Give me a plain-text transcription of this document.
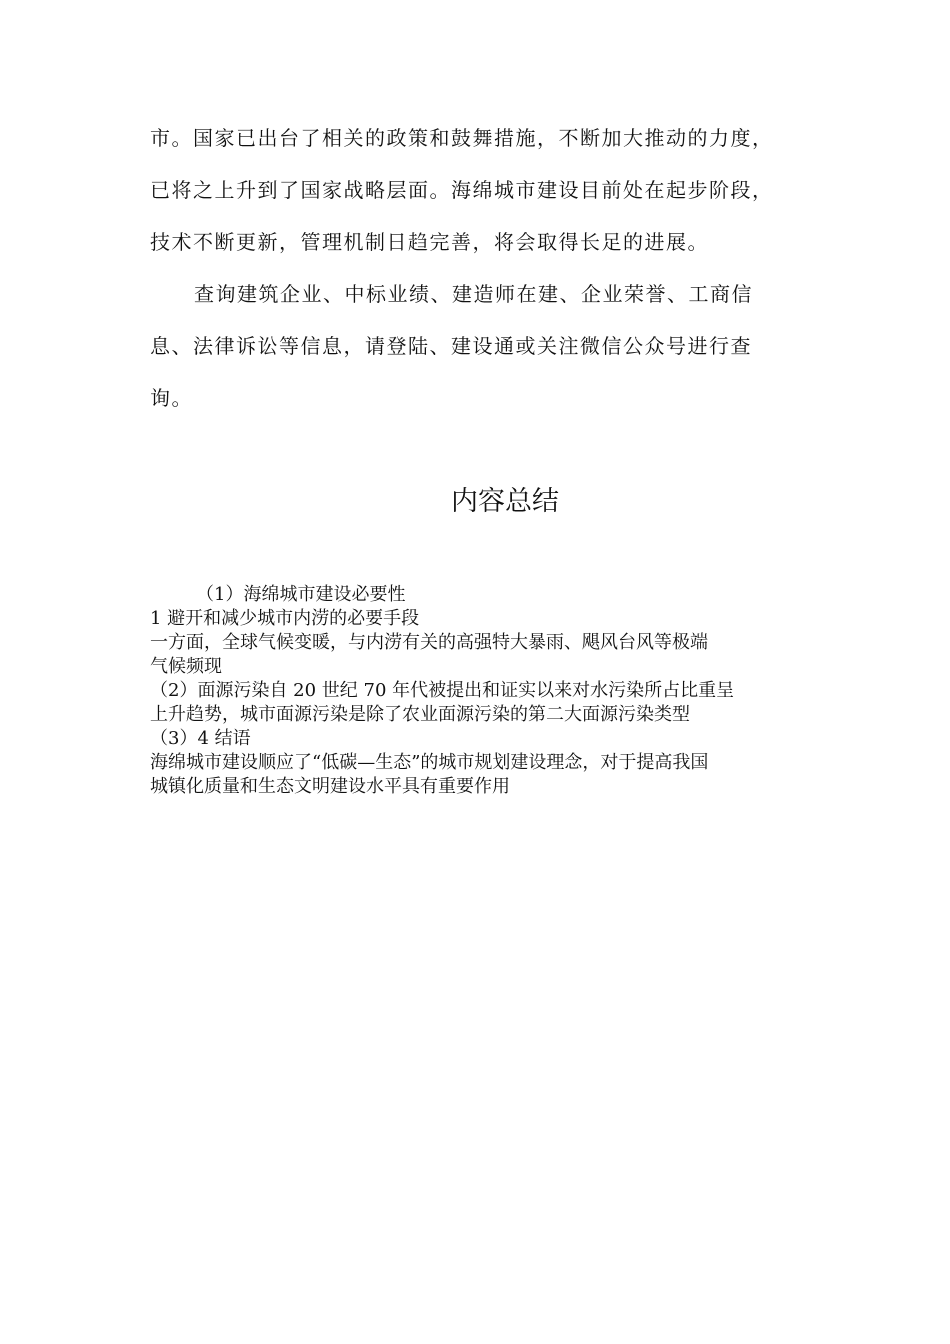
市。国家已出台了相关的政策和鼓舞措施，不断加大推动的力度，
已将之上升到了国家战略层面。海绵城市建设目前处在起步阶段，
技术不断更新，管理机制日趋完善，将会取得长足的进展。
查询建筑企业、中标业绩、建造师在建、企业荣誉、工商信
息、法律诉讼等信息，请登陆、建设通或关注微信公众号进行查
询。
内容总结
（1）海绵城市建设必要性
1 避开和减少城市内涝的必要手段
一方面，全球气候变暖，与内涝有关的高强特大暴雨、飓风台风等极端
气候频现
（2）面源污染自 20 世纪 70 年代被提出和证实以来对水污染所占比重呈
上升趋势，城市面源污染是除了农业面源污染的第二大面源污染类型
（3）4 结语
海绵城市建设顺应了“低碳—生态”的城市规划建设理念，对于提高我国
城镇化质量和生态文明建设水平具有重要作用
